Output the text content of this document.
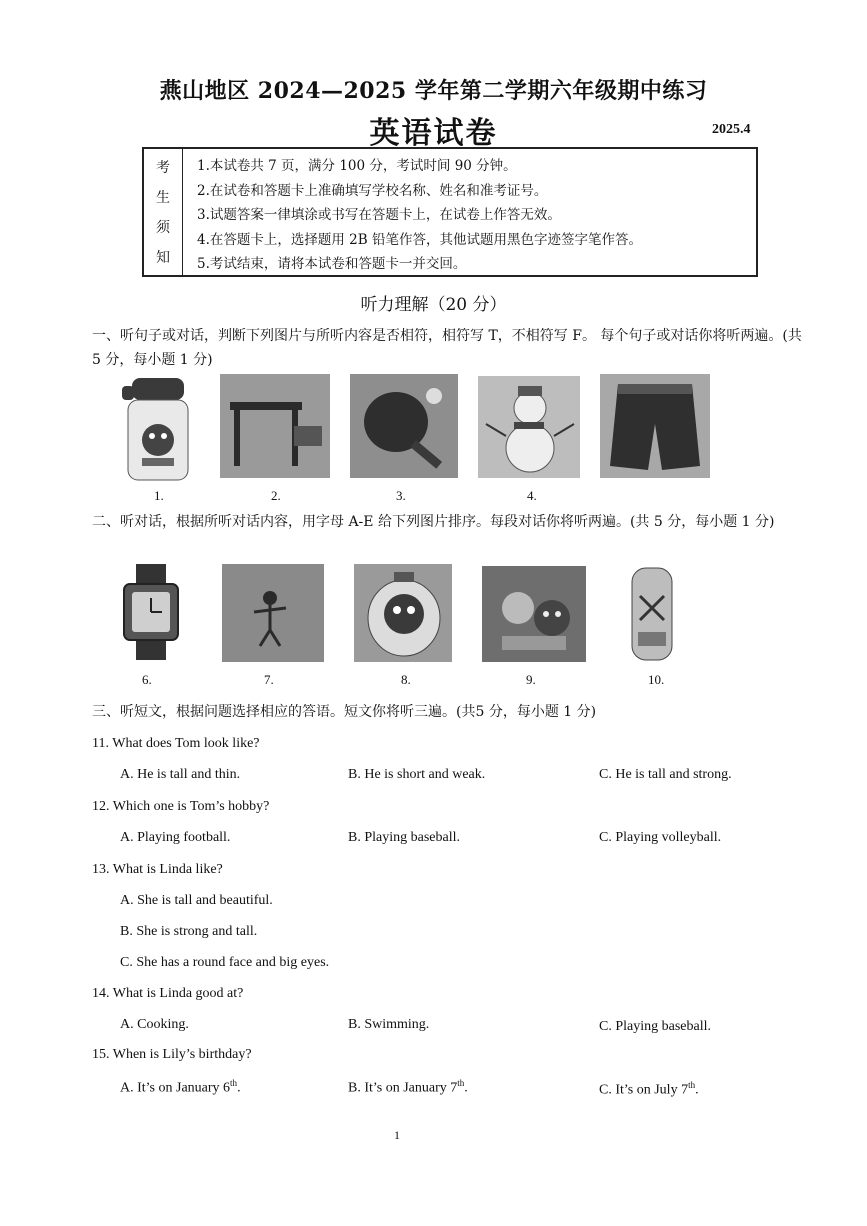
燕山地区 2024—2025 学年第二学期六年级期中练习
英语试卷	2025.4
考
生
须
知
1.本试卷共 7 页，满分 100 分，考试时间 90 分钟。
2.在试卷和答题卡上准确填写学校名称、姓名和准考证号。
3.试题答案一律填涂或书写在答题卡上，在试卷上作答无效。
4.在答题卡上，选择题用 2B 铅笔作答，其他试题用黑色字迹签字笔作答。
5.考试结束，请将本试卷和答题卡一并交回。
听力理解（20 分）
一、听句子或对话，判断下列图片与所听内容是否相符，相符写 T，不相符写 F。 每个句子或对话你将听两遍。(共 5 分，每小题 1 分)
1.	2.	3.	4.
二、听对话，根据所听对话内容，用字母 A-E 给下列图片排序。每段对话你将听两遍。(共 5 分，每小题 1 分)
6.	7.	8.	9.	10.
三、听短文，根据问题选择相应的答语。短文你将听三遍。(共5 分，每小题 1 分)
11. What does Tom look like?
A. He is tall and thin.	B. He is short and weak.	C. He is tall and strong.
12. Which one is Tom’s hobby?
A. Playing football.	B. Playing baseball.	C. Playing volleyball.
13. What is Linda like?
A. She is tall and beautiful.
B. She is strong and tall.
C. She has a round face and big eyes.
14. What is Linda good at?
A. Cooking.	B. Swimming.	C. Playing baseball.
15. When is Lily’s birthday?
A. It’s on January 6th.	B. It’s on January 7th.	C. It’s on July 7th.
1
